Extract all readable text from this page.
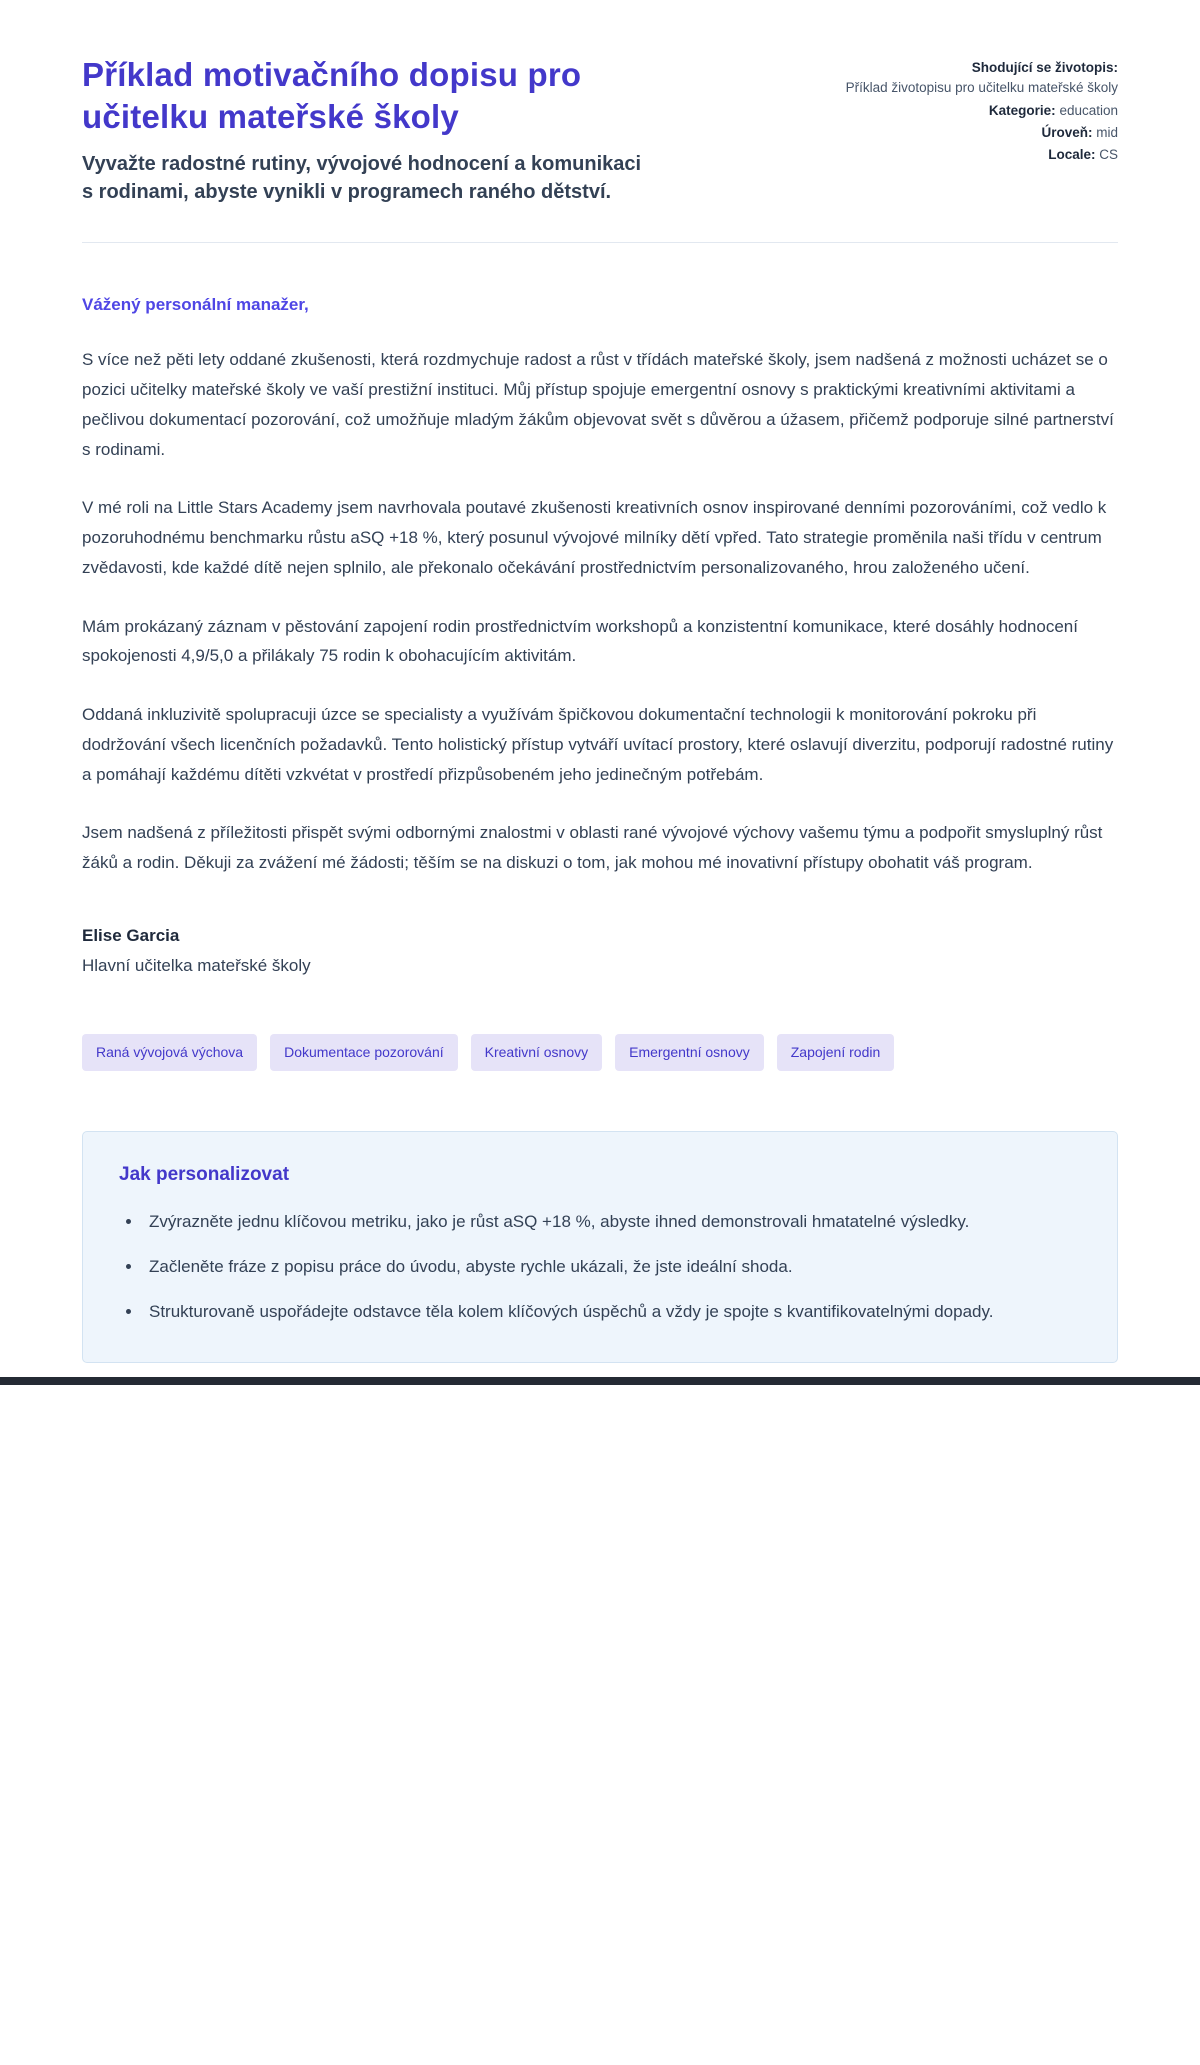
Příklad motivačního dopisu pro učitelku mateřské školy

Vyvažte radostné rutiny, vývojové hodnocení a komunikaci s rodinami, abyste vynikli v programech raného dětství.

Shodující se životopis:
Příklad životopisu pro učitelku mateřské školy
Kategorie: education
Úroveň: mid
Locale: CS

Vážený personální manažer,

S více než pěti lety oddané zkušenosti, která rozdmychuje radost a růst v třídách mateřské školy, jsem nadšená z možnosti ucházet se o pozici učitelky mateřské školy ve vaší prestižní instituci. Můj přístup spojuje emergentní osnovy s praktickými kreativními aktivitami a pečlivou dokumentací pozorování, což umožňuje mladým žákům objevovat svět s důvěrou a úžasem, přičemž podporuje silné partnerství s rodinami.

V mé roli na Little Stars Academy jsem navrhovala poutavé zkušenosti kreativních osnov inspirované denními pozorováními, což vedlo k pozoruhodnému benchmarku růstu aSQ +18 %, který posunul vývojové milníky dětí vpřed. Tato strategie proměnila naši třídu v centrum zvědavosti, kde každé dítě nejen splnilo, ale překonalo očekávání prostřednictvím personalizovaného, hrou založeného učení.

Mám prokázaný záznam v pěstování zapojení rodin prostřednictvím workshopů a konzistentní komunikace, které dosáhly hodnocení spokojenosti 4,9/5,0 a přilákaly 75 rodin k obohacujícím aktivitám.

Oddaná inkluzivitě spolupracuji úzce se specialisty a využívám špičkovou dokumentační technologii k monitorování pokroku při dodržování všech licenčních požadavků. Tento holistický přístup vytváří uvítací prostory, které oslavují diverzitu, podporují radostné rutiny a pomáhají každému dítěti vzkvétat v prostředí přizpůsobeném jeho jedinečným potřebám.

Jsem nadšená z příležitosti přispět svými odbornými znalostmi v oblasti rané vývojové výchovy vašemu týmu a podpořit smysluplný růst žáků a rodin. Děkuji za zvážení mé žádosti; těším se na diskuzi o tom, jak mohou mé inovativní přístupy obohatit váš program.

Elise Garcia

Hlavní učitelka mateřské školy

Raná vývojová výchova	Dokumentace pozorování	Kreativní osnovy	Emergentní osnovy	Zapojení rodin
Jak personalizovat
• Zvýrazněte jednu klíčovou metriku, jako je růst aSQ +18 %, abyste ihned demonstrovali hmatatelné výsledky.
• Začleněte fráze z popisu práce do úvodu, abyste rychle ukázali, že jste ideální shoda.
• Strukturovaně uspořádejte odstavce těla kolem klíčových úspěchů a vždy je spojte s kvantifikovatelnými dopady.
